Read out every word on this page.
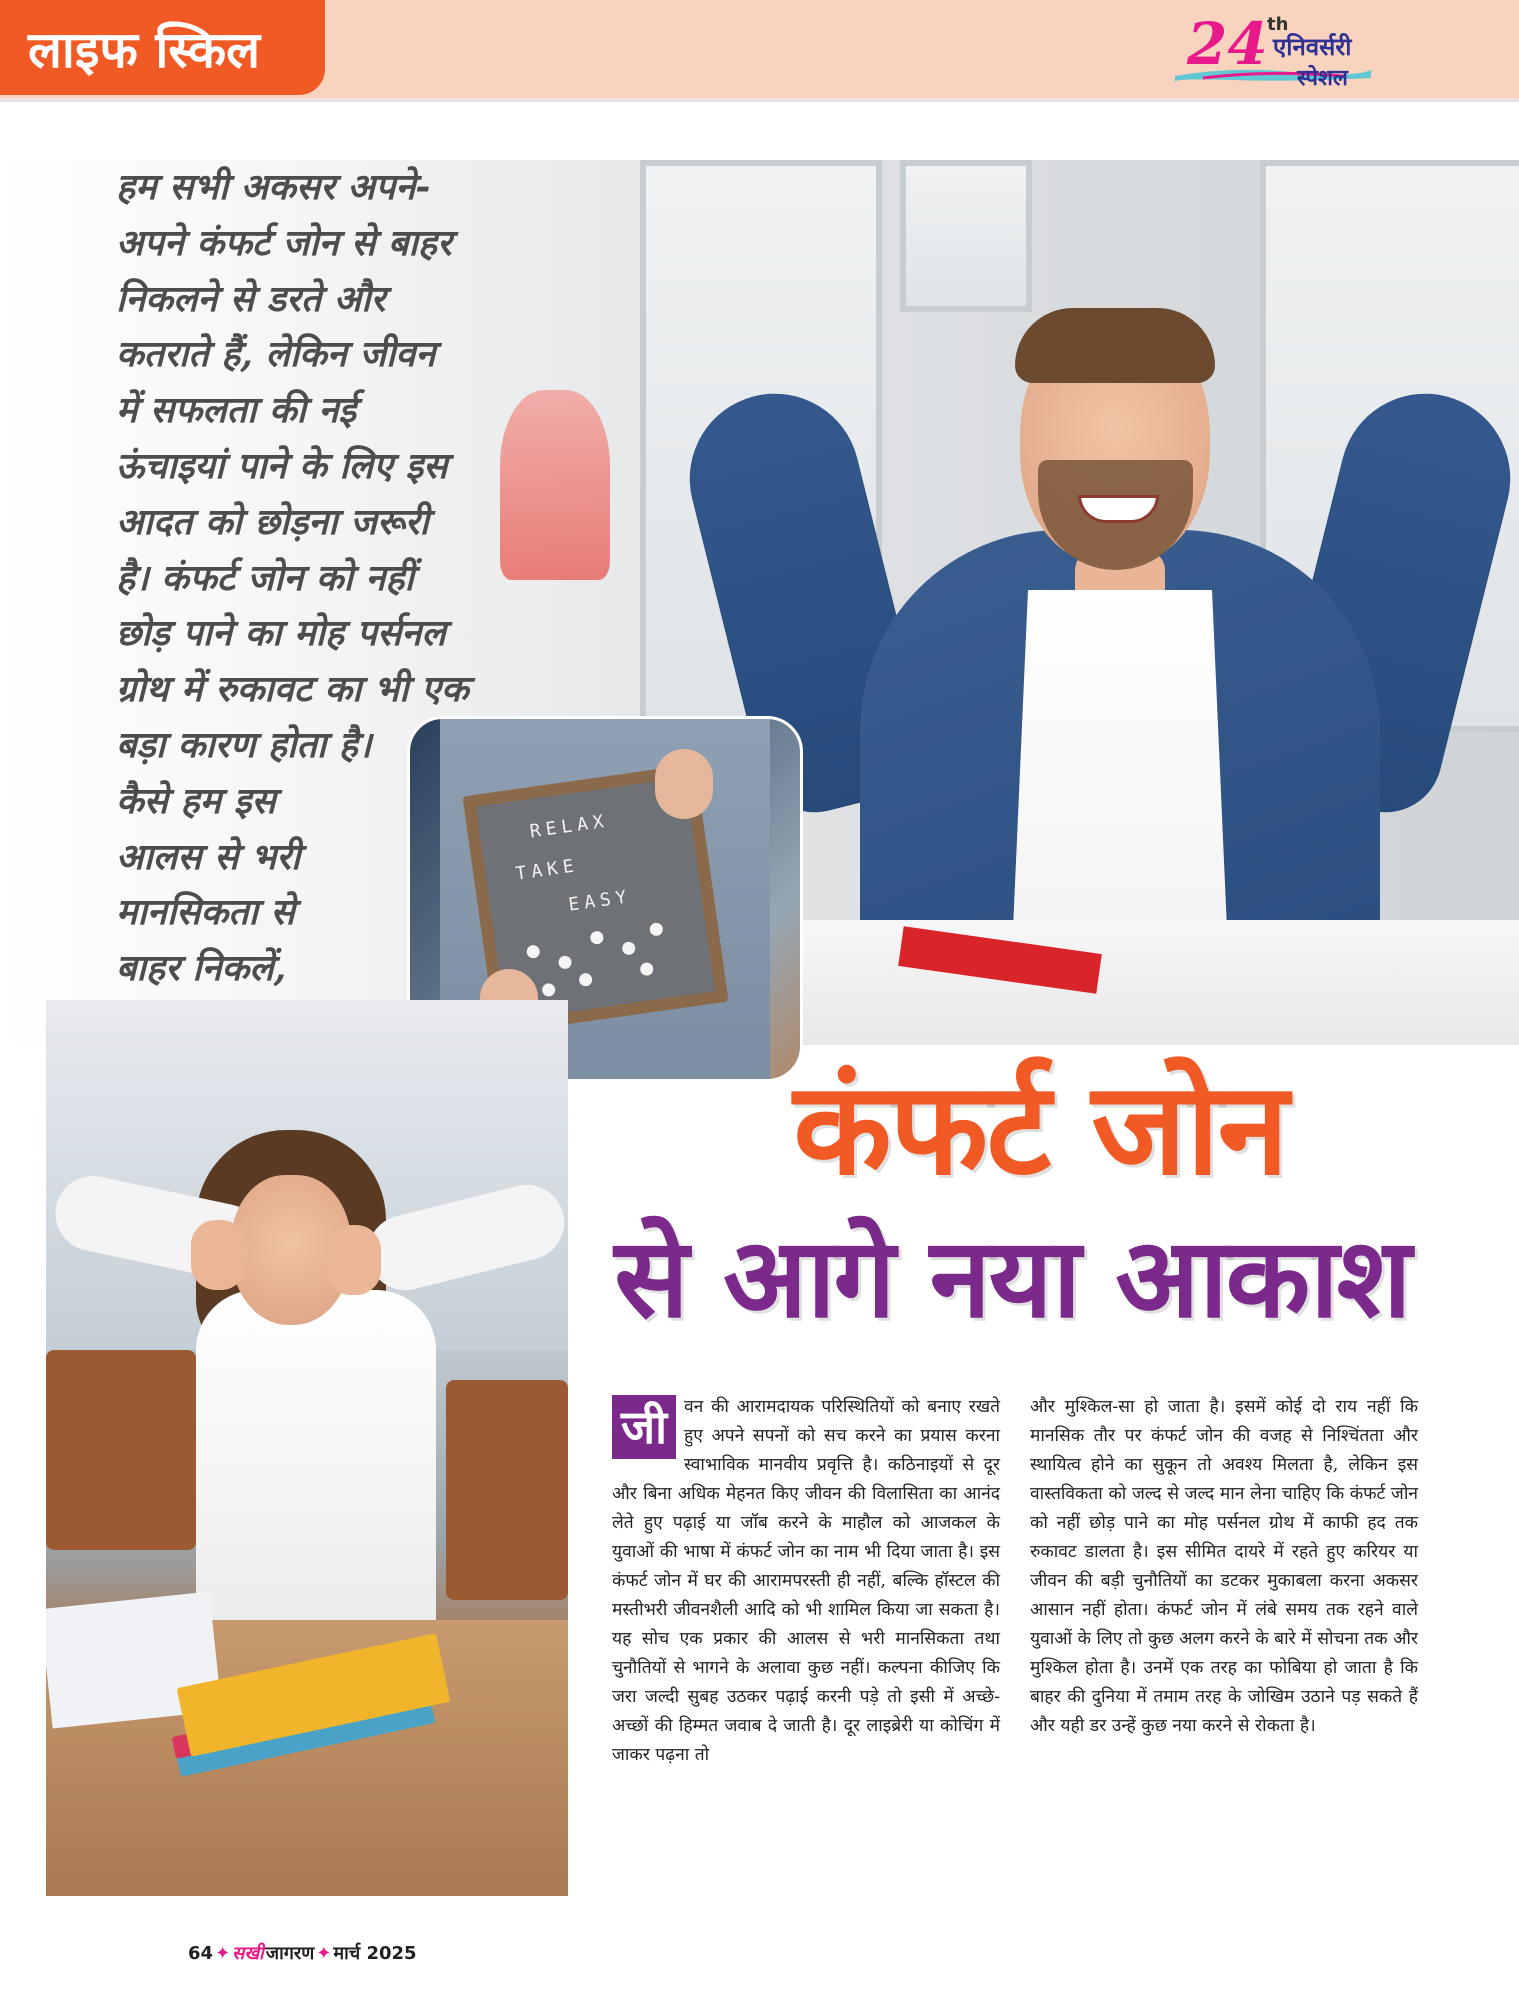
लाइफ स्किल	24 th
एनिवर्सरी
स्पेशल

हम सभी अकसर अपने-
अपने कंफर्ट जोन से बाहर
निकलने से डरते और
कतराते हैं, लेकिन जीवन
में सफलता की नई
ऊंचाइयां पाने के लिए इस
आदत को छोड़ना जरूरी
है। कंफर्ट जोन को नहीं
छोड़ पाने का मोह पर्सनल
ग्रोथ में रुकावट का भी एक
बड़ा कारण होता है।
कैसे हम इस
आलस से भरी
मानसिकता से
बाहर निकलें,

RELAX
TAKE
EASY
कंफर्ट जोन
से आगे नया आकाश

जी वन की आरामदायक परिस्थितियों को बनाए रखते हुए अपने सपनों को सच करने का प्रयास करना स्वाभाविक मानवीय प्रवृत्ति है। कठिनाइयों से दूर और बिना अधिक मेहनत किए जीवन की विलासिता का आनंद लेते हुए पढ़ाई या जॉब करने के माहौल को आजकल के युवाओं की भाषा में कंफर्ट जोन का नाम भी दिया जाता है। इस कंफर्ट जोन में घर की आरामपरस्ती ही नहीं, बल्कि हॉस्टल की मस्तीभरी जीवनशैली आदि को भी शामिल किया जा सकता है। यह सोच एक प्रकार की आलस से भरी मानसिकता तथा चुनौतियों से भागने के अलावा कुछ नहीं। कल्पना कीजिए कि जरा जल्दी सुबह उठकर पढ़ाई करनी पड़े तो इसी में अच्छे-अच्छों की हिम्मत जवाब दे जाती है। दूर लाइब्रेरी या कोचिंग में जाकर पढ़ना तो

और मुश्किल-सा हो जाता है। इसमें कोई दो राय नहीं कि मानसिक तौर पर कंफर्ट जोन की वजह से निश्चिंतता और स्थायित्व होने का सुकून तो अवश्य मिलता है, लेकिन इस वास्तविकता को जल्द से जल्द मान लेना चाहिए कि कंफर्ट जोन को नहीं छोड़ पाने का मोह पर्सनल ग्रोथ में काफी हद तक रुकावट डालता है। इस सीमित दायरे में रहते हुए करियर या जीवन की बड़ी चुनौतियों का डटकर मुकाबला करना अकसर आसान नहीं होता। कंफर्ट जोन में लंबे समय तक रहने वाले युवाओं के लिए तो कुछ अलग करने के बारे में सोचना तक और मुश्किल होता है। उनमें एक तरह का फोबिया हो जाता है कि बाहर की दुनिया में तमाम तरह के जोखिम उठाने पड़ सकते हैं और यही डर उन्हें कुछ नया करने से रोकता है।

64 ✦ सखी जागरण ✦ मार्च 2025
